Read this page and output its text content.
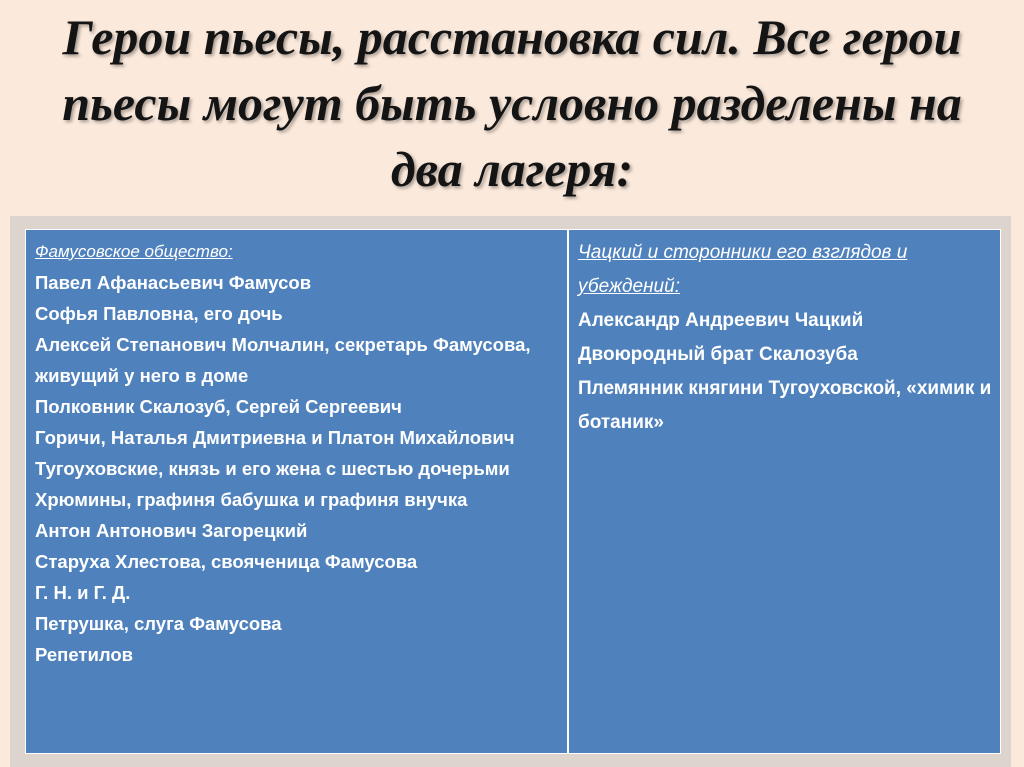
Герои пьесы, расстановка сил. Все герои пьесы могут быть условно разделены на два лагеря:
Фамусовское общество:
Павел Афанасьевич Фамусов
Софья Павловна, его дочь
Алексей Степанович Молчалин, секретарь Фамусова, живущий у него в доме
Полковник Скалозуб, Сергей Сергеевич
Горичи, Наталья Дмитриевна и Платон Михайлович
Тугоуховские, князь и его жена с шестью дочерьми
Хрюмины, графиня бабушка и графиня внучка
Антон Антонович Загорецкий
Старуха Хлестова, свояченица Фамусова
Г. Н. и Г. Д.
Петрушка, слуга Фамусова
Репетилов
Чацкий и сторонники его взглядов и убеждений:
Александр Андреевич Чацкий
Двоюродный брат Скалозуба
Племянник княгини Тугоуховской, «химик и ботаник»
